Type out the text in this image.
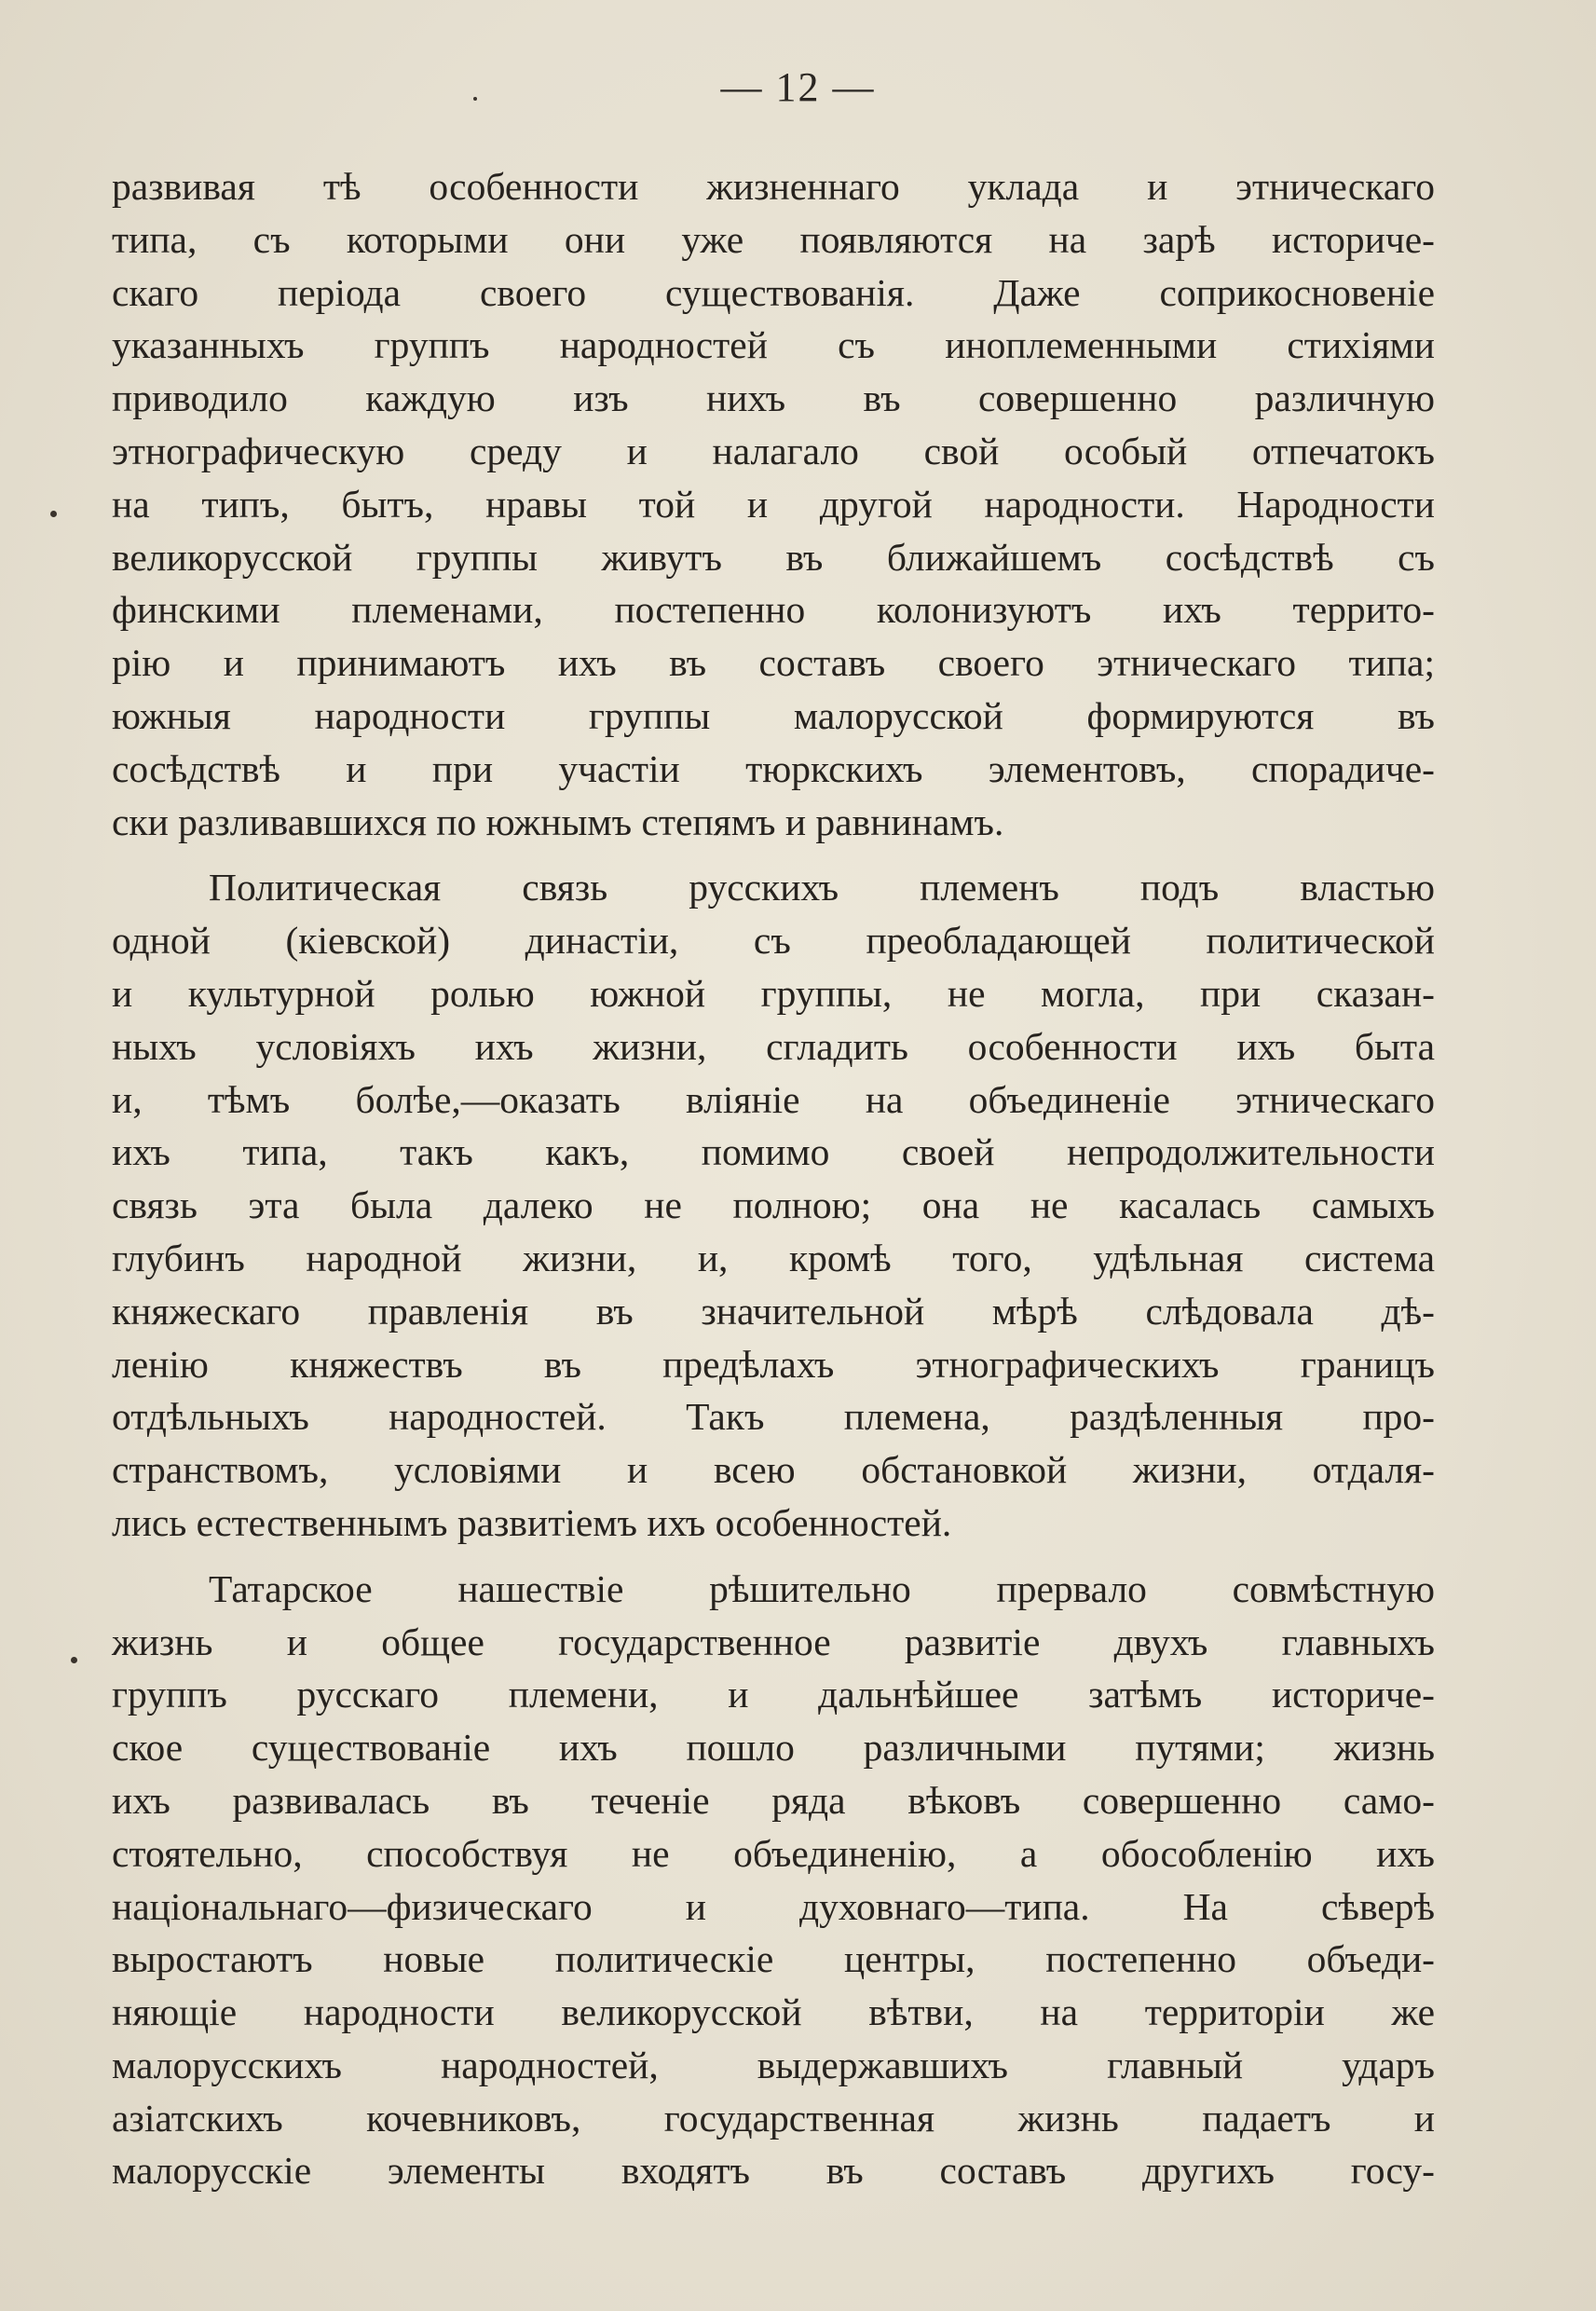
— 12 —
развивая тѣ особенности жизненнаго уклада и этническаго
типа, съ которыми они уже появляются на зарѣ историче-
скаго періода своего существованія. Даже соприкосновеніе
указанныхъ группъ народностей съ иноплеменными стихіями
приводило каждую изъ нихъ въ совершенно различную
этнографическую среду и налагало свой особый отпечатокъ
на типъ, бытъ, нравы той и другой народности. Народности
великорусской группы живутъ въ ближайшемъ сосѣдствѣ съ
финскими племенами, постепенно колонизуютъ ихъ террито-
рію и принимаютъ ихъ въ составъ своего этническаго типа;
южныя народности группы малорусской формируются въ
сосѣдствѣ и при участіи тюркскихъ элементовъ, спорадиче-
ски разливавшихся по южнымъ степямъ и равнинамъ.
Политическая связь русскихъ племенъ подъ властью
одной (кіевской) династіи, съ преобладающей политической
и культурной ролью южной группы, не могла, при сказан-
ныхъ условіяхъ ихъ жизни, сгладить особенности ихъ быта
и, тѣмъ болѣе,—оказать вліяніе на объединеніе этническаго
ихъ типа, такъ какъ, помимо своей непродолжительности
связь эта была далеко не полною; она не касалась самыхъ
глубинъ народной жизни, и, кромѣ того, удѣльная система
княжескаго правленія въ значительной мѣрѣ слѣдовала дѣ-
ленію княжествъ въ предѣлахъ этнографическихъ границъ
отдѣльныхъ народностей. Такъ племена, раздѣленныя про-
странствомъ, условіями и всею обстановкой жизни, отдаля-
лись естественнымъ развитіемъ ихъ особенностей.
Татарское нашествіе рѣшительно прервало совмѣстную
жизнь и общее государственное развитіе двухъ главныхъ
группъ русскаго племени, и дальнѣйшее затѣмъ историче-
ское существованіе ихъ пошло различными путями; жизнь
ихъ развивалась въ теченіе ряда вѣковъ совершенно само-
стоятельно, способствуя не объединенію, а обособленію ихъ
національнаго—физическаго и духовнаго—типа. На сѣверѣ
выростаютъ новые политическіе центры, постепенно объеди-
няющіе народности великорусской вѣтви, на территоріи же
малорусскихъ народностей, выдержавшихъ главный ударъ
азіатскихъ кочевниковъ, государственная жизнь падаетъ и
малорусскіе элементы входятъ въ составъ другихъ госу-
